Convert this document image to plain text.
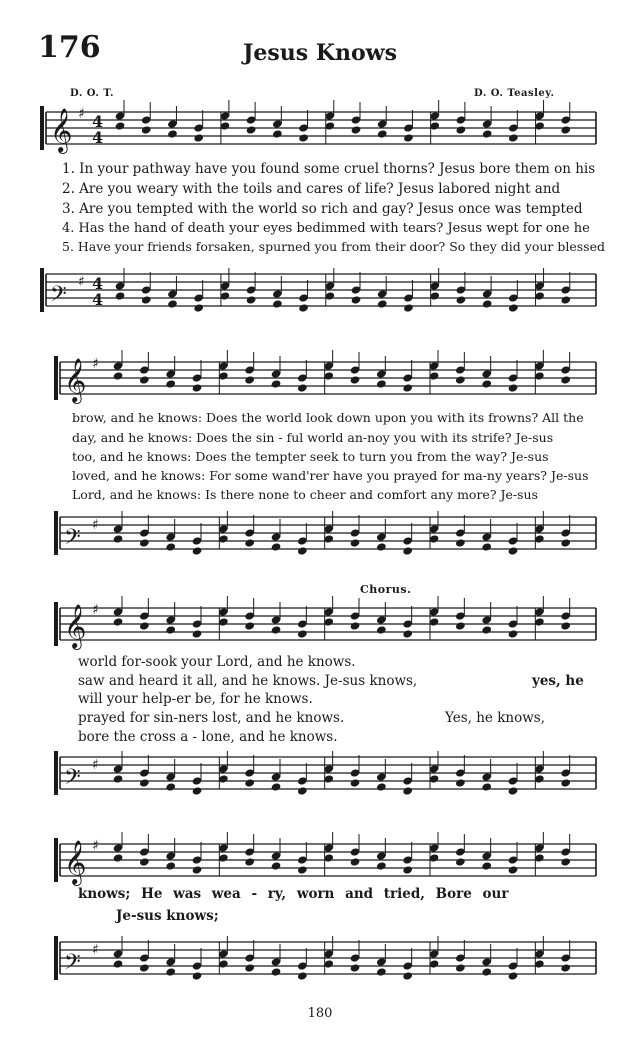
176	Jesus Knows
D. O. T.	D. O. Teasley.
𝄞 ♯ 4
4
1. In your pathway have you found some cruel thorns? Jesus bore them on his
2. Are you weary with the toils and cares of life? Jesus labored night and
3. Are you tempted with the world so rich and gay? Jesus once was tempted
4. Has the hand of death your eyes bedimmed with tears? Jesus wept for one he
5. Have your friends forsaken, spurned you from their door? So they did your blessed
𝄢 ♯ 4
4
𝄞 ♯
brow, and he knows: Does the world look down upon you with its frowns? All the
day, and he knows: Does the sin - ful world an-noy you with its strife? Je-sus
too, and he knows: Does the tempter seek to turn you from the way? Je-sus
loved, and he knows: For some wand'rer have you prayed for ma-ny years? Je-sus
Lord, and he knows: Is there none to cheer and comfort any more? Je-sus
𝄢 ♯
Chorus.
𝄞 ♯
world for-sook your Lord, and he knows.
saw and heard it all, and he knows. Je-sus knows,	yes, he
will your help-er be, for he knows.
prayed for sin-ners lost, and he knows.	Yes, he knows,
bore the cross a - lone, and he knows.
𝄢 ♯
𝄞 ♯
knows; He was wea - ry, worn and tried, Bore our
Je-sus knows;
𝄢 ♯
180
